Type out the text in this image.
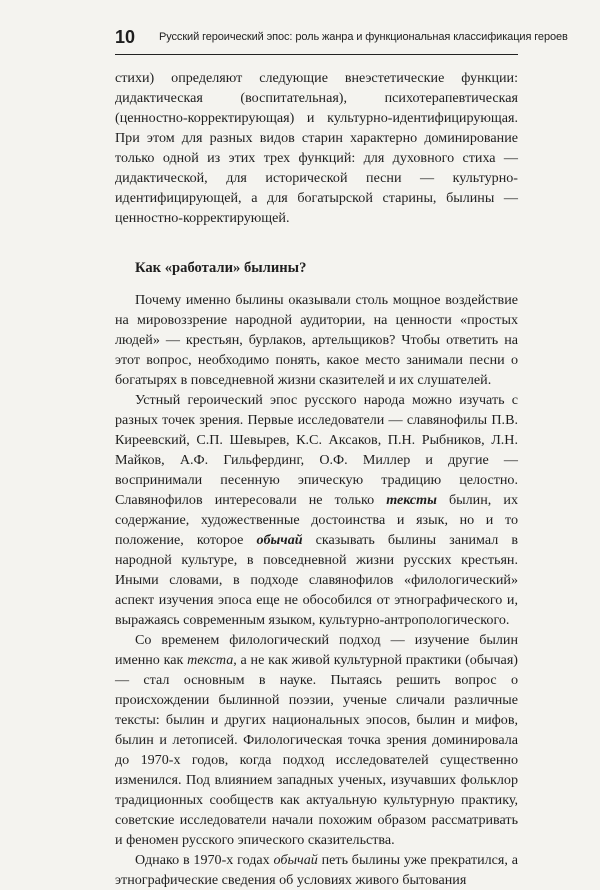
10 Русский героический эпос: роль жанра и функциональная классификация героев

стихи) определяют следующие внеэстетические функции: дидактическая (воспитательная), психотерапевтическая (ценностно-корректирующая) и культурно-идентифицирующая. При этом для разных видов старин характерно доминирование только одной из этих трех функций: для духовного стиха — дидактической, для исторической песни — культурно-идентифицирующей, а для богатырской старины, былины — ценностно-корректирующей.

Как «работали» былины?

Почему именно былины оказывали столь мощное воздействие на мировоззрение народной аудитории, на ценности «простых людей» — крестьян, бурлаков, артельщиков? Чтобы ответить на этот вопрос, необходимо понять, какое место занимали песни о богатырях в повседневной жизни сказителей и их слушателей.

Устный героический эпос русского народа можно изучать с разных точек зрения. Первые исследователи — славянофилы П.В. Киреевский, С.П. Шевырев, К.С. Аксаков, П.Н. Рыбников, Л.Н. Майков, А.Ф. Гильфердинг, О.Ф. Миллер и другие — воспринимали песенную эпическую традицию целостно. Славянофилов интересовали не только тексты былин, их содержание, художественные достоинства и язык, но и то положение, которое обычай сказывать былины занимал в народной культуре, в повседневной жизни русских крестьян. Иными словами, в подходе славянофилов «филологический» аспект изучения эпоса еще не обособился от этнографического и, выражаясь современным языком, культурно-антропологического.

Со временем филологический подход — изучение былин именно как текста, а не как живой культурной практики (обычая) — стал основным в науке. Пытаясь решить вопрос о происхождении былинной поэзии, ученые сличали различные тексты: былин и других национальных эпосов, былин и мифов, былин и летописей. Филологическая точка зрения доминировала до 1970-х годов, когда подход исследователей существенно изменился. Под влиянием западных ученых, изучавших фольклор традиционных сообществ как актуальную культурную практику, советские исследователи начали похожим образом рассматривать и феномен русского эпического сказительства.

Однако в 1970-х годах обычай петь былины уже прекратился, а этнографические сведения об условиях живого бытования
